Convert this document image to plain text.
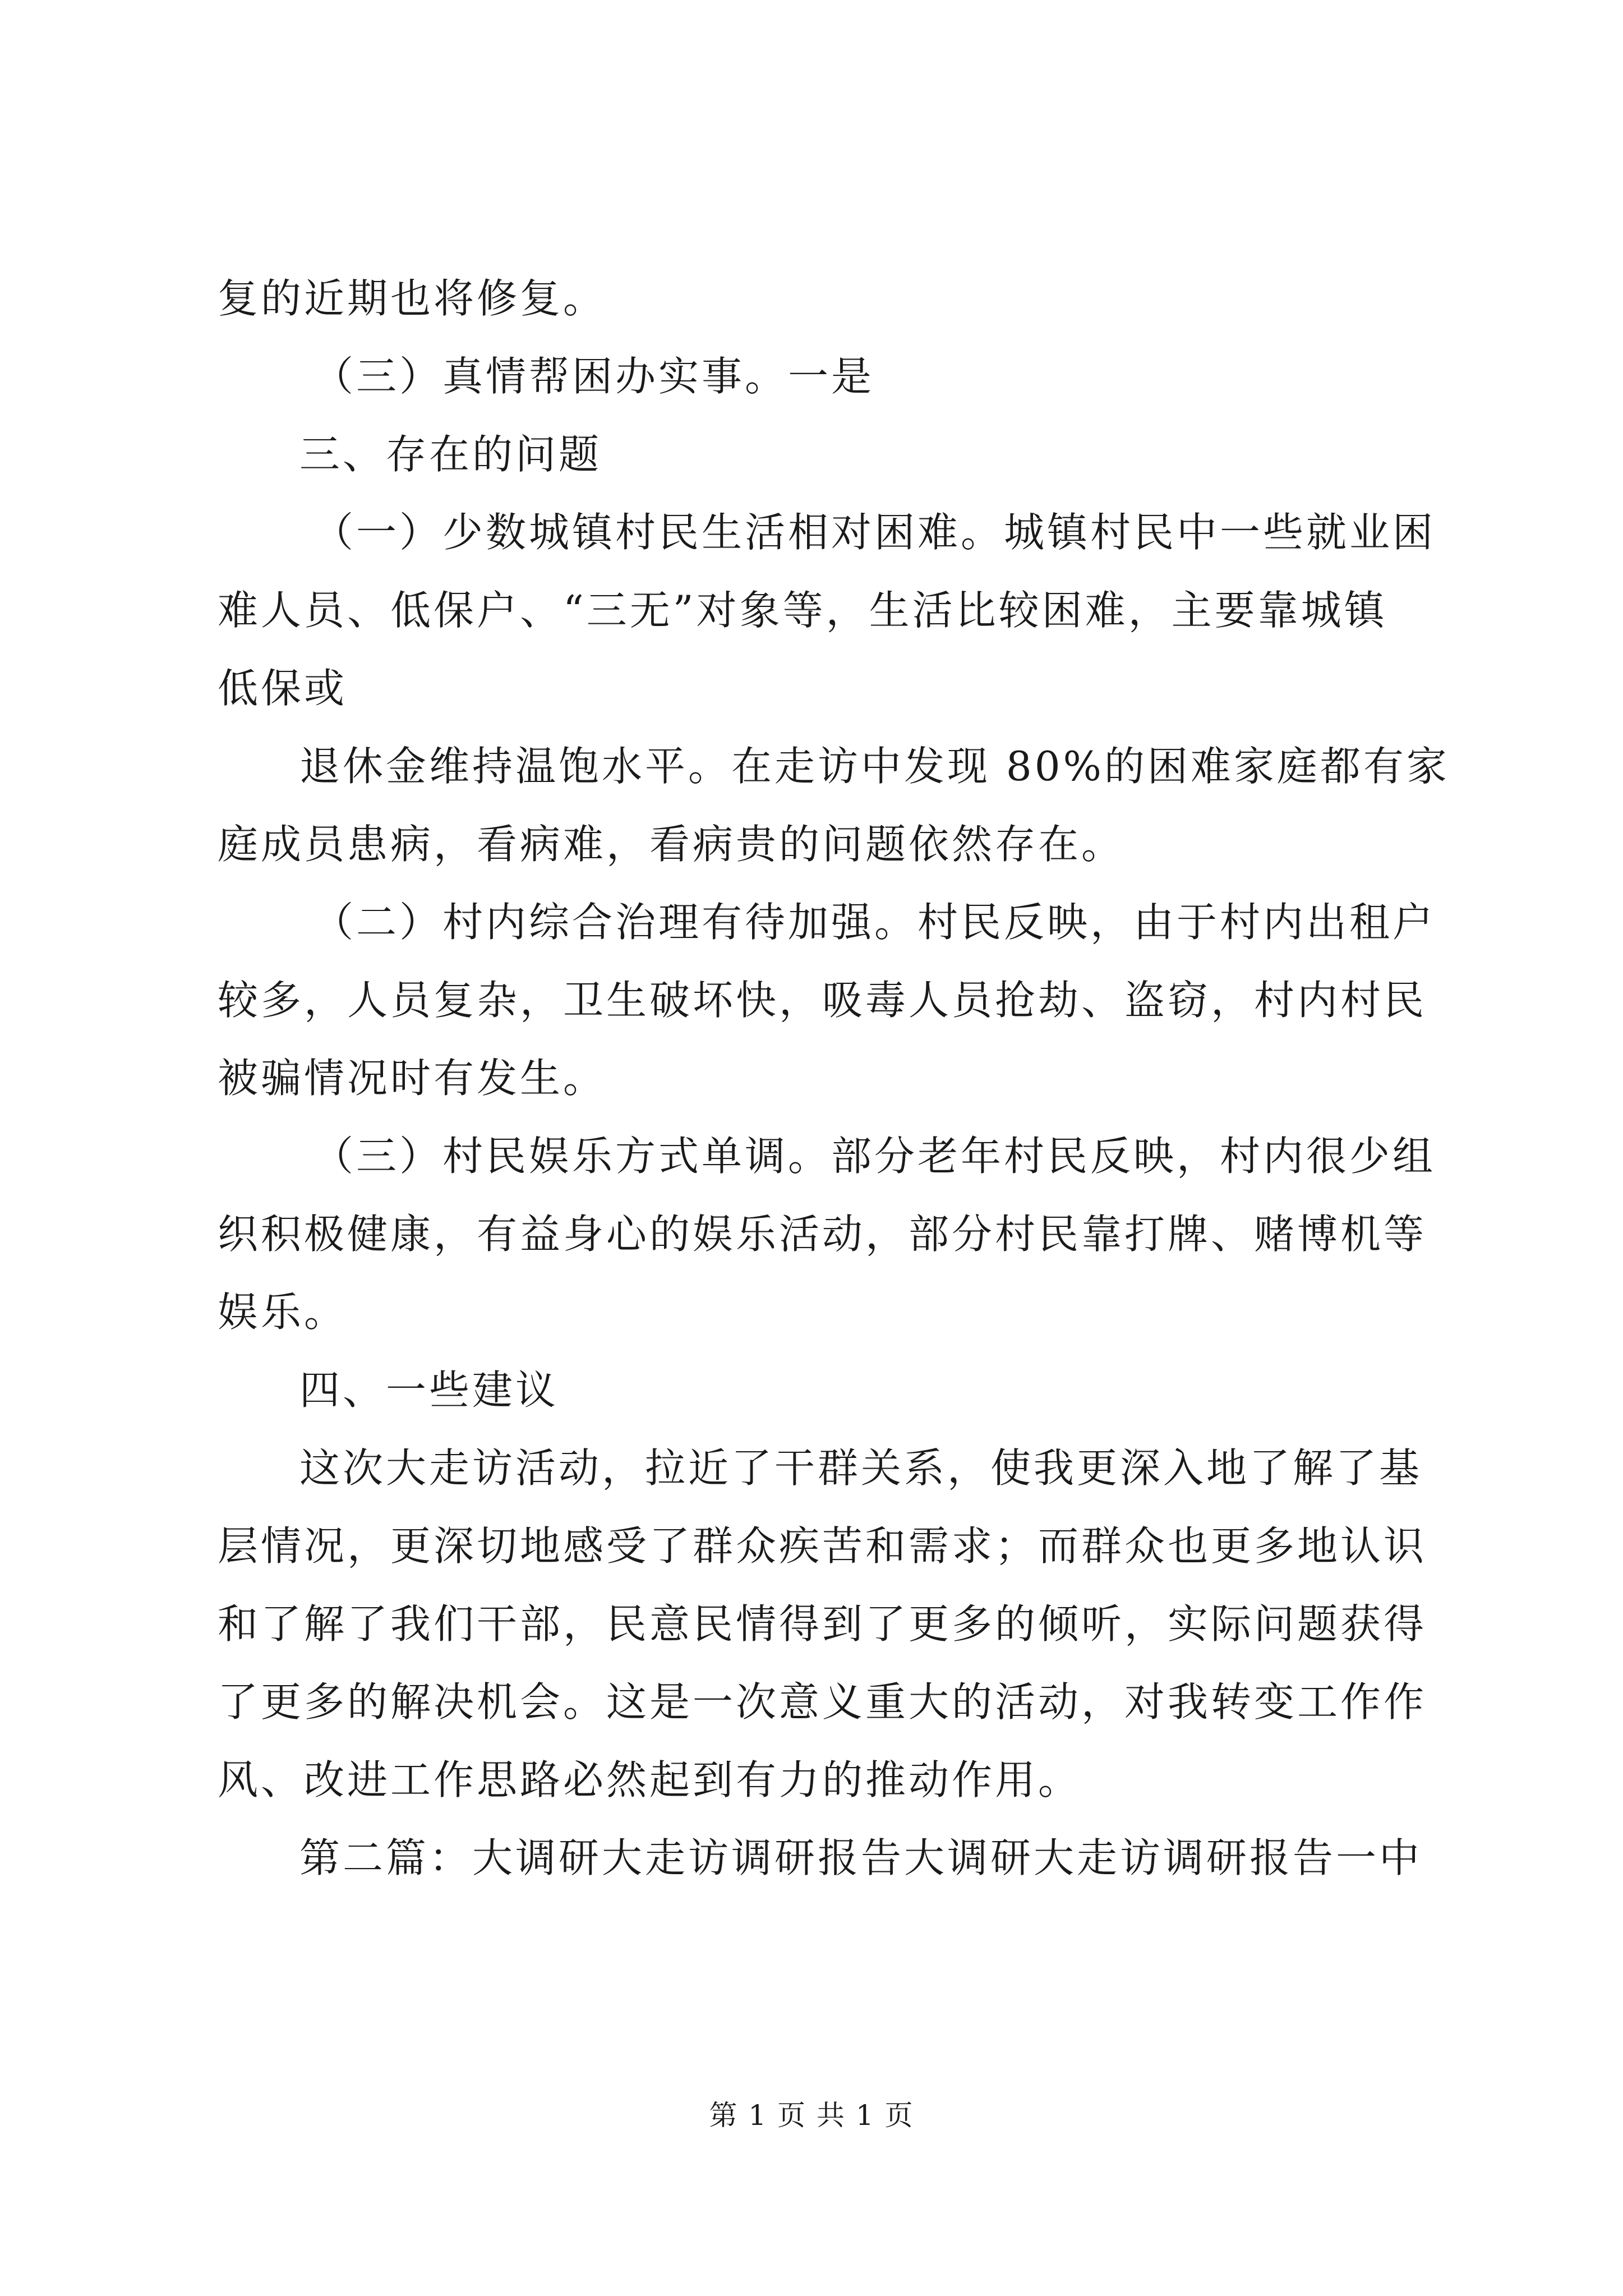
复的近期也将修复。
（三）真情帮困办实事。一是
三、存在的问题
（一）少数城镇村民生活相对困难。城镇村民中一些就业困
难人员、低保户、“三无”对象等，生活比较困难，主要靠城镇
低保或
退休金维持温饱水平。在走访中发现 80%的困难家庭都有家
庭成员患病，看病难，看病贵的问题依然存在。
（二）村内综合治理有待加强。村民反映，由于村内出租户
较多，人员复杂，卫生破坏快，吸毒人员抢劫、盗窃，村内村民
被骗情况时有发生。
（三）村民娱乐方式单调。部分老年村民反映，村内很少组
织积极健康，有益身心的娱乐活动，部分村民靠打牌、赌博机等
娱乐。
四、一些建议
这次大走访活动，拉近了干群关系，使我更深入地了解了基
层情况，更深切地感受了群众疾苦和需求；而群众也更多地认识
和了解了我们干部，民意民情得到了更多的倾听，实际问题获得
了更多的解决机会。这是一次意义重大的活动，对我转变工作作
风、改进工作思路必然起到有力的推动作用。
第二篇：大调研大走访调研报告大调研大走访调研报告一中
第 1 页 共 1 页
